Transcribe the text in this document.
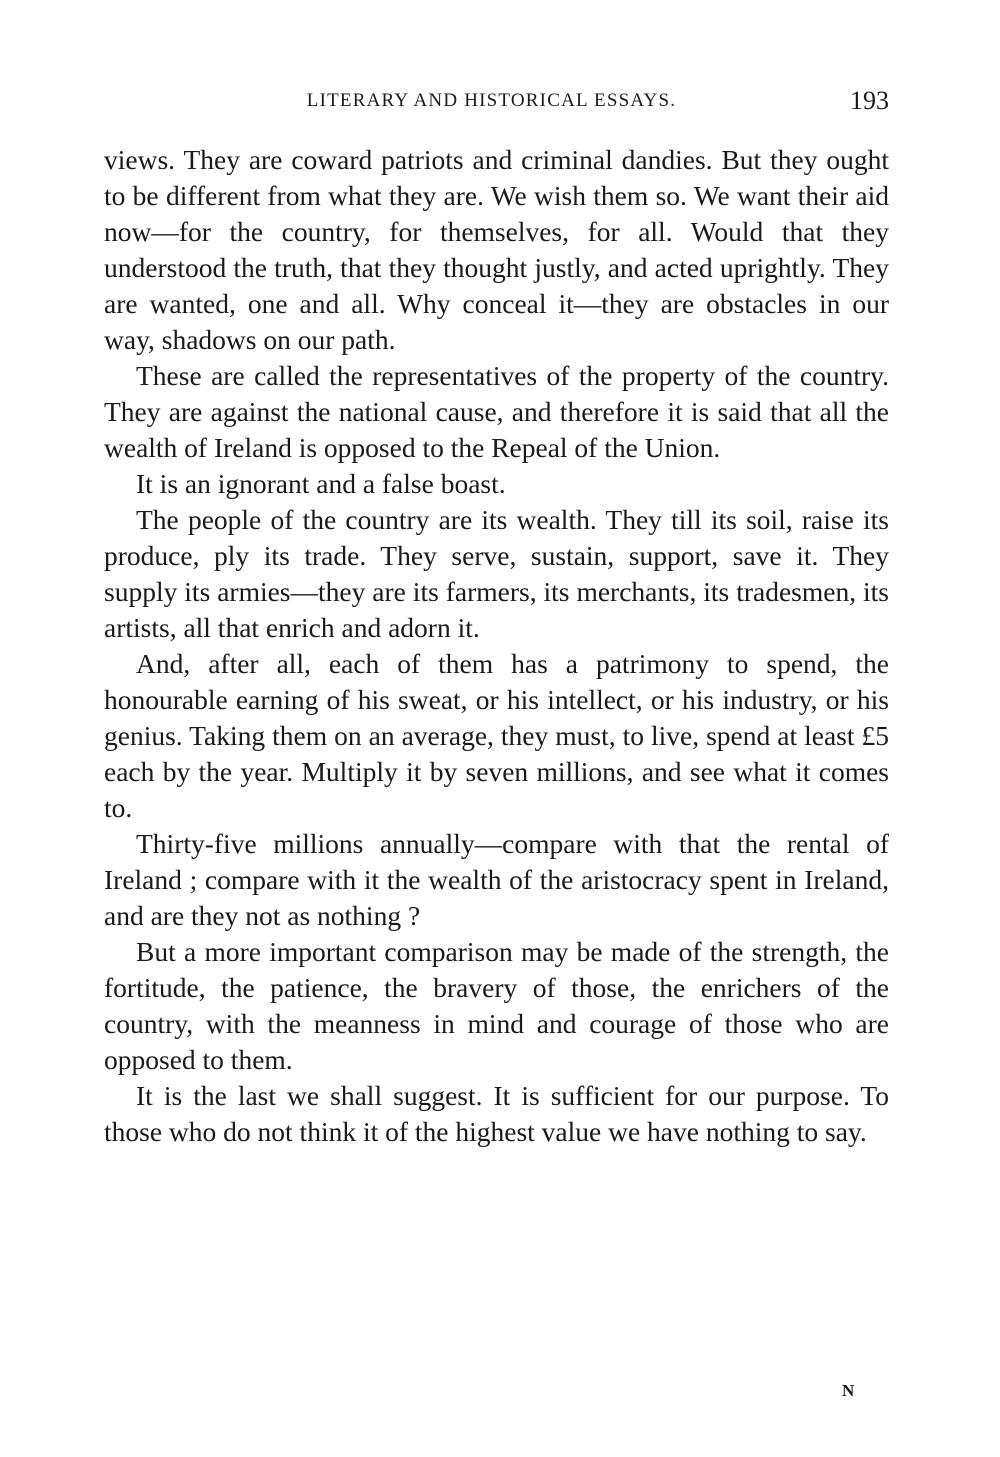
LITERARY AND HISTORICAL ESSAYS.	193

views. They are coward patriots and criminal dandies. But they ought to be different from what they are. We wish them so. We want their aid now—for the country, for themselves, for all. Would that they understood the truth, that they thought justly, and acted uprightly. They are wanted, one and all. Why conceal it—they are obstacles in our way, shadows on our path.

These are called the representatives of the property of the country. They are against the national cause, and therefore it is said that all the wealth of Ireland is opposed to the Repeal of the Union.

It is an ignorant and a false boast.

The people of the country are its wealth. They till its soil, raise its produce, ply its trade. They serve, sustain, support, save it. They supply its armies—they are its farmers, its merchants, its tradesmen, its artists, all that enrich and adorn it.

And, after all, each of them has a patrimony to spend, the honourable earning of his sweat, or his intellect, or his industry, or his genius. Taking them on an average, they must, to live, spend at least £5 each by the year. Multiply it by seven millions, and see what it comes to.

Thirty-five millions annually—compare with that the rental of Ireland ; compare with it the wealth of the aristocracy spent in Ireland, and are they not as nothing ?

But a more important comparison may be made of the strength, the fortitude, the patience, the bravery of those, the enrichers of the country, with the meanness in mind and courage of those who are opposed to them.

It is the last we shall suggest. It is sufficient for our purpose. To those who do not think it of the highest value we have nothing to say.

N
